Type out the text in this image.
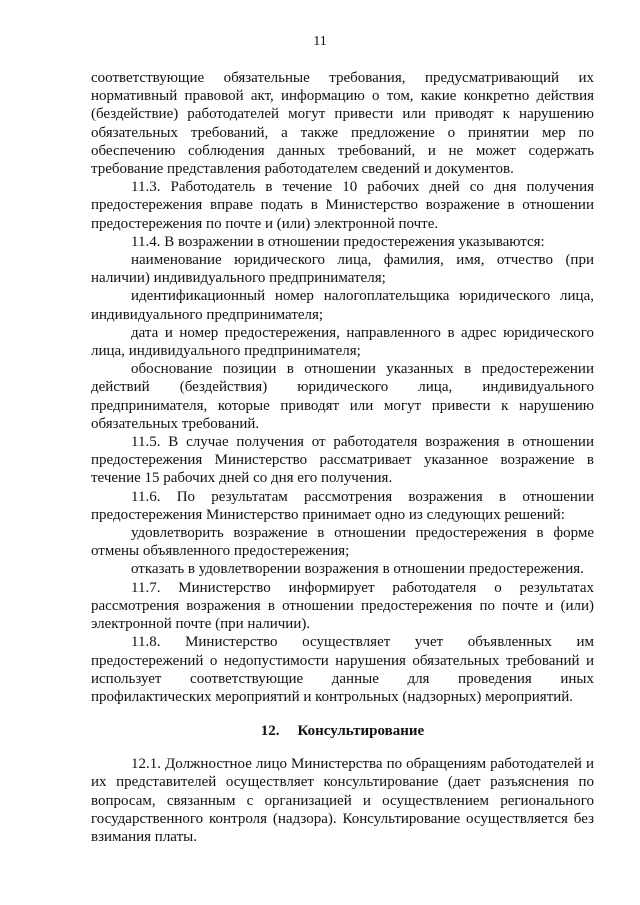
11

соответствующие обязательные требования, предусматривающий их нормативный правовой акт, информацию о том, какие конкретно действия (бездействие) работодателей могут привести или приводят к нарушению обязательных требований, а также предложение о принятии мер по обеспечению соблюдения данных требований, и не может содержать требование представления работодателем сведений и документов.

11.3. Работодатель в течение 10 рабочих дней со дня получения предостережения вправе подать в Министерство возражение в отношении предостережения по почте и (или) электронной почте.

11.4. В возражении в отношении предостережения указываются:

наименование юридического лица, фамилия, имя, отчество (при наличии) индивидуального предпринимателя;

идентификационный номер налогоплательщика юридического лица, индивидуального предпринимателя;

дата и номер предостережения, направленного в адрес юридического лица, индивидуального предпринимателя;

обоснование позиции в отношении указанных в предостережении действий (бездействия) юридического лица, индивидуального предпринимателя, которые приводят или могут привести к нарушению обязательных требований.

11.5. В случае получения от работодателя возражения в отношении предостережения Министерство рассматривает указанное возражение в течение 15 рабочих дней со дня его получения.

11.6. По результатам рассмотрения возражения в отношении предостережения Министерство принимает одно из следующих решений:

удовлетворить возражение в отношении предостережения в форме отмены объявленного предостережения;

отказать в удовлетворении возражения в отношении предостережения.

11.7. Министерство информирует работодателя о результатах рассмотрения возражения в отношении предостережения по почте и (или) электронной почте (при наличии).

11.8. Министерство осуществляет учет объявленных им предостережений о недопустимости нарушения обязательных требований и использует соответствующие данные для проведения иных профилактических мероприятий и контрольных (надзорных) мероприятий.

12. Консультирование

12.1. Должностное лицо Министерства по обращениям работодателей и их представителей осуществляет консультирование (дает разъяснения по вопросам, связанным с организацией и осуществлением регионального государственного контроля (надзора). Консультирование осуществляется без взимания платы.
